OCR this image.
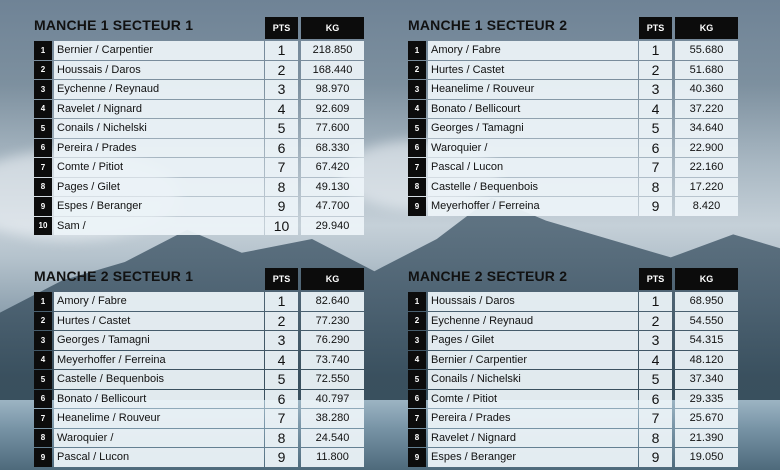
MANCHE 1 SECTEUR 1	PTS	KG
1	Bernier / Carpentier	1	218.850
2	Houssais / Daros	2	168.440
3	Eychenne / Reynaud	3	98.970
4	Ravelet / Nignard	4	92.609
5	Conails / Nichelski	5	77.600
6	Pereira / Prades	6	68.330
7	Comte / Pitiot	7	67.420
8	Pages / Gilet	8	49.130
9	Espes / Beranger	9	47.700
10 Sam /	10	29.940
MANCHE 1 SECTEUR 2	PTS	KG
1	Amory / Fabre	1	55.680
2	Hurtes / Castet	2	51.680
3	Heanelime / Rouveur	3	40.360
4	Bonato / Bellicourt	4	37.220
5	Georges / Tamagni	5	34.640
6	Waroquier /	6	22.900
7	Pascal / Lucon	7	22.160
8	Castelle / Bequenbois	8	17.220
9	Meyerhoffer / Ferreina	9	8.420
MANCHE 2 SECTEUR 1	PTS	KG
1	Amory / Fabre	1	82.640
2	Hurtes / Castet	2	77.230
3	Georges / Tamagni	3	76.290
4	Meyerhoffer / Ferreina	4	73.740
5	Castelle / Bequenbois	5	72.550
6	Bonato / Bellicourt	6	40.797
7	Heanelime / Rouveur	7	38.280
8	Waroquier /	8	24.540
9	Pascal / Lucon	9	11.800
MANCHE 2 SECTEUR 2	PTS	KG
1	Houssais / Daros	1	68.950
2	Eychenne / Reynaud	2	54.550
3	Pages / Gilet	3	54.315
4	Bernier / Carpentier	4	48.120
5	Conails / Nichelski	5	37.340
6	Comte / Pitiot	6	29.335
7	Pereira / Prades	7	25.670
8	Ravelet / Nignard	8	21.390
9	Espes / Beranger	9	19.050
